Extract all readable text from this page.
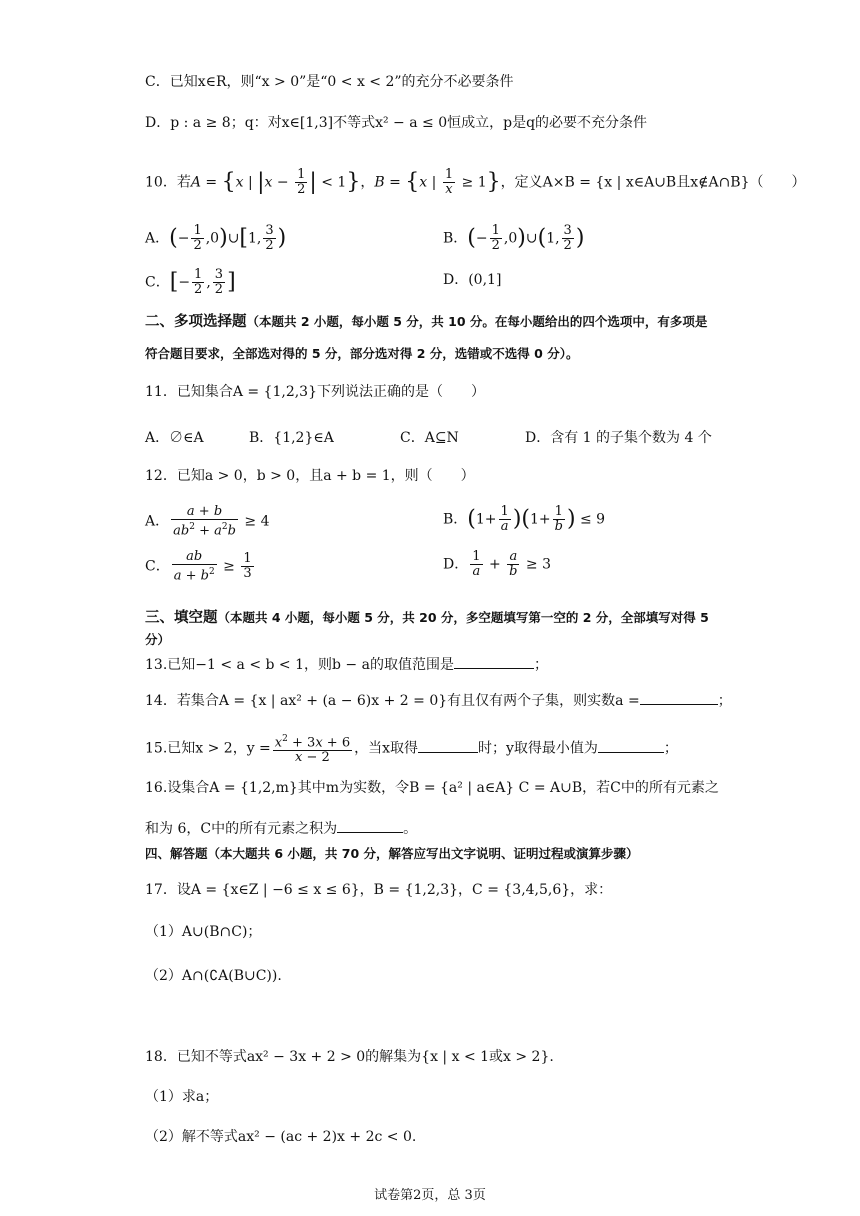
C．已知x∈R，则“x > 0”是“0 < x < 2”的充分不必要条件
D．p : a ≥ 8；q：对x∈[1,3]不等式x² − a ≤ 0恒成立，p是q的必要不充分条件
10．若A = {x | $|x - \frac{1}{2}$ | < 1}，B = {x | $\frac{1}{x} \ge 1$}，定义A×B = {x | x∈A∪B且x∉A∩B}（　　）
A．(− $\frac{1}{2}$ ,0)∪[1, $\frac{3}{2}$ )	B．(− $\frac{1}{2}$ ,0)∪(1, $\frac{3}{2}$ )
C．[− $\frac{1}{2}$ , $\frac{3}{2}$ ]	D．(0,1]
二、多项选择题（本题共 2 小题，每小题 5 分，共 10 分。在每小题给出的四个选项中，有多项是
符合题目要求，全部选对得的 5 分，部分选对得 2 分，选错或不选得 0 分）。
11．已知集合A = {1,2,3}下列说法正确的是（　　）
A．∅∈A	B．{1,2}∈A	C．A⊆N	D．含有 1 的子集个数为 4 个
12．已知a > 0，b > 0，且a + b = 1，则（　　）
A． $\frac{a + b}{ab^2 + a^2b} \ge 4$	B．$(1+ \frac{1}{a} )(1+ \frac{1}{b}$ ) ≤ 9
C． $\frac{ab}{a + b^2} \ge \frac{1}{3}$	D． $\frac{1}{a} + \frac{a}{b} \ge 3$
三、填空题（本题共 4 小题，每小题 5 分，共 20 分，多空题填写第一空的 2 分，全部填写对得 5
分）
13.已知−1 < a < b < 1，则b − a的取值范围是	；
14．若集合A = {x | ax² + (a − 6)x + 2 = 0}有且仅有两个子集，则实数a =	；
15.已知x > 2，$y = \frac{x^2 + 3x + 6}{x - 2}$ ，当x取得	时；y取得最小值为	；
16.设集合A = {1,2,m}其中m为实数，令B = {a² | a∈A} C = A∪B，若C中的所有元素之
和为 6，C中的所有元素之积为	。
四、解答题（本大题共 6 小题，共 70 分，解答应写出文字说明、证明过程或演算步骤）
17．设A = {x∈Z | −6 ≤ x ≤ 6}，B = {1,2,3}，C = {3,4,5,6}，求：
（1）A∪(B∩C)；
（2）A∩(∁A(B∪C)).
18．已知不等式ax² − 3x + 2 > 0的解集为{x | x < 1或x > 2}.
（1）求a；
（2）解不等式ax² − (ac + 2)x + 2c < 0.
试卷第2页，总 3页
